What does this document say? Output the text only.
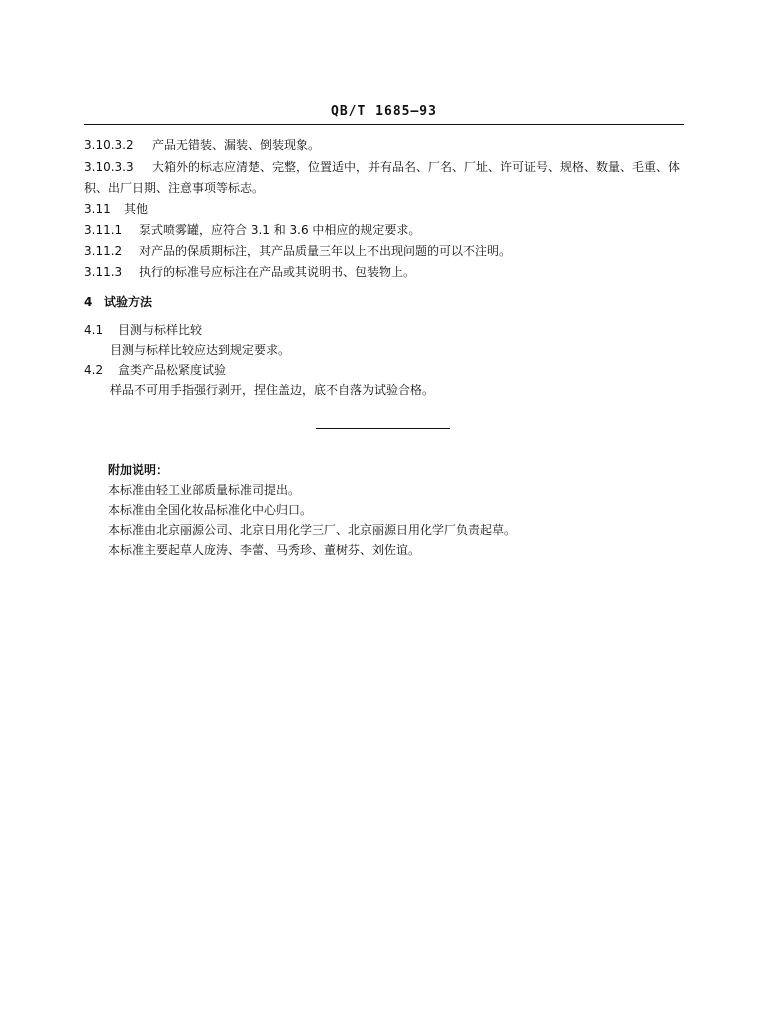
QB/T 1685—93
3.10.3.2 产品无错装、漏装、倒装现象。
3.10.3.3 大箱外的标志应清楚、完整，位置适中，并有品名、厂名、厂址、许可证号、规格、数量、毛重、体
积、出厂日期、注意事项等标志。
3.11 其他
3.11.1 泵式喷雾罐，应符合 3.1 和 3.6 中相应的规定要求。
3.11.2 对产品的保质期标注，其产品质量三年以上不出现问题的可以不注明。
3.11.3 执行的标准号应标注在产品或其说明书、包装物上。
4 试验方法
4.1 目测与标样比较
目测与标样比较应达到规定要求。
4.2 盒类产品松紧度试验
样品不可用手指强行剥开，捏住盖边，底不自落为试验合格。
附加说明：
本标准由轻工业部质量标准司提出。
本标准由全国化妆品标准化中心归口。
本标准由北京丽源公司、北京日用化学三厂、北京丽源日用化学厂负责起草。
本标准主要起草人庞涛、李蕾、马秀珍、董树芬、刘佐谊。
